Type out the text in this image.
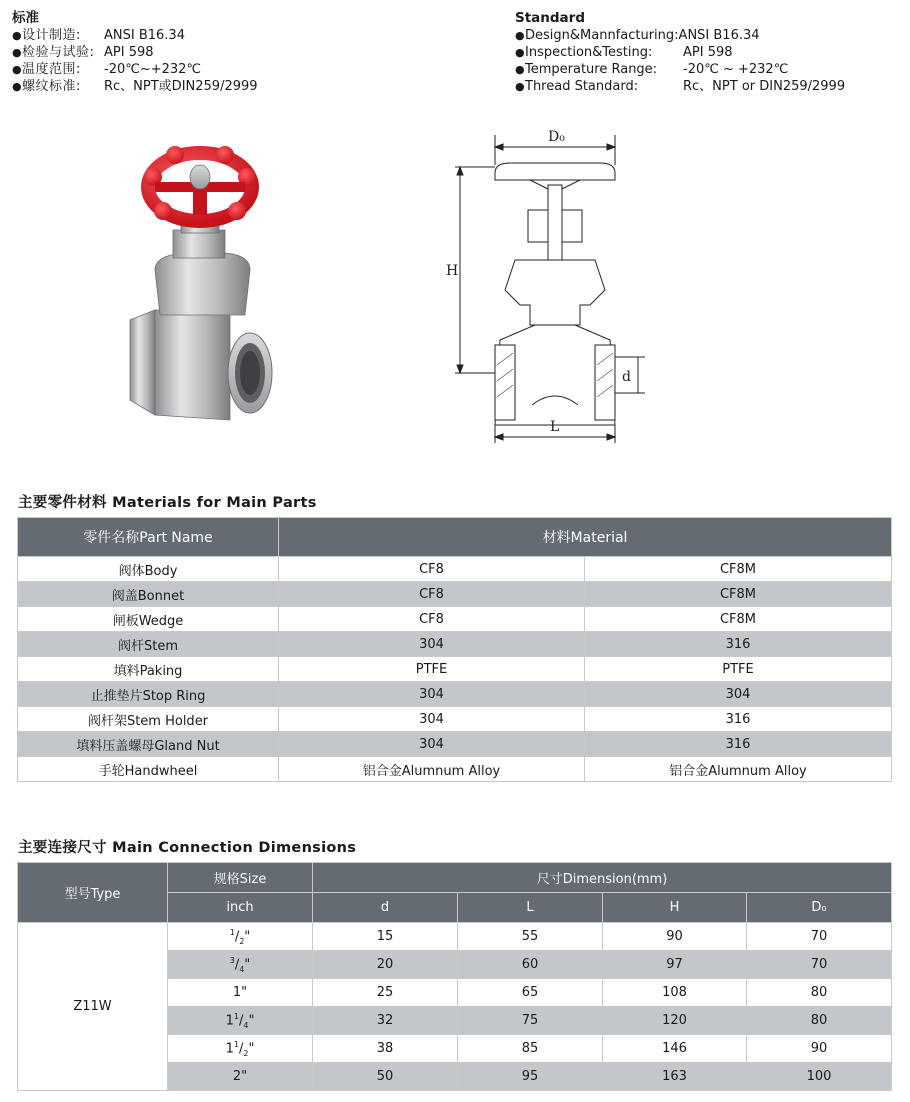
标准
● 设计制造:	ANSI B16.34
● 检验与试验: API 598
● 温度范围:	-20℃~+232℃
● 螺纹标准:	Rc、NPT或DIN259/2999
Standard
● Design&Mannfacturing: ANSI B16.34
● Inspection&Testing:	API 598
● Temperature Range:	-20℃ ~ +232℃
● Thread Standard:	Rc、NPT or DIN259/2999
D₀
H
d
L
主要零件材料 Materials for Main Parts
零件名称Part Name	材料Material	
阀体Body	CF8	CF8M
阀盖Bonnet	CF8	CF8M
闸板Wedge	CF8	CF8M
阀杆Stem	304	316
填料Paking	PTFE	PTFE
止推垫片Stop Ring	304	304
阀杆架Stem Holder	304	316
填料压盖螺母Gland Nut	304	316
手轮Handwheel	铝合金Alumnum Alloy	铝合金Alumnum Alloy
主要连接尺寸 Main Connection Dimensions
型号Type	规格Size	尺寸Dimension(mm)			
	inch	d	L	H	D₀
Z11W	$^1/_2$"	15	55	90	70
	$^3/_4$"	20	60	97	70
	1"	25	65	108	80
	$1^1/_4$"	32	75	120	80
	$1^1/_2$"	38	85	146	90
	2"	50	95	163	100
